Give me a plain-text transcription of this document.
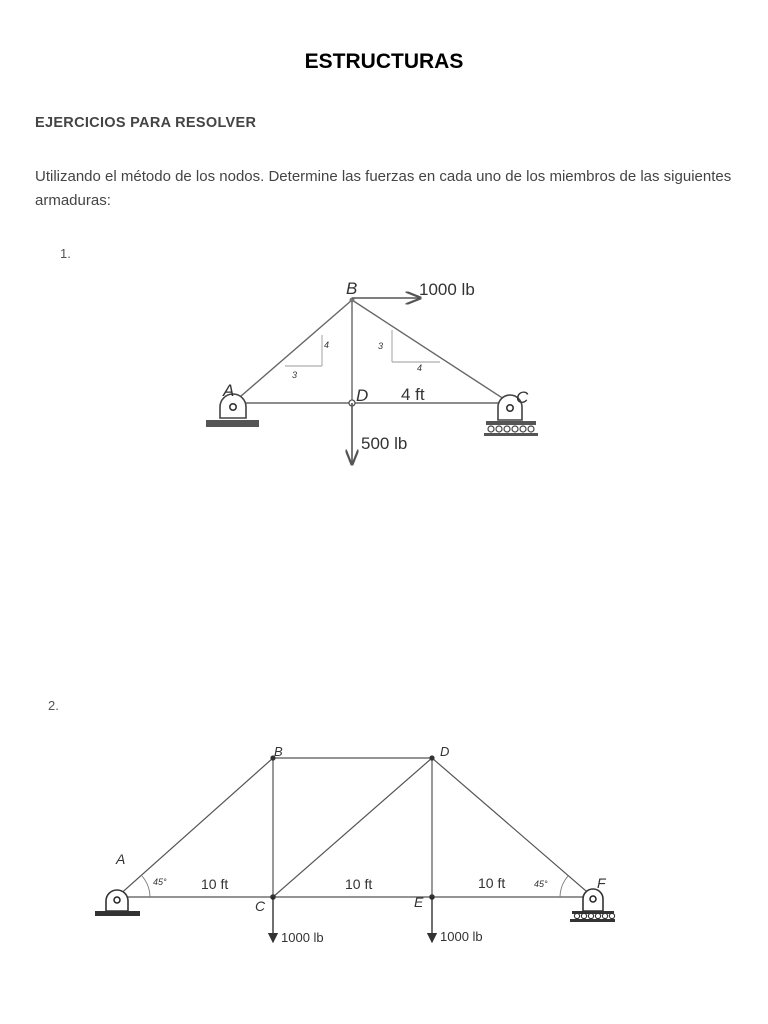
ESTRUCTURAS
EJERCICIOS PARA RESOLVER
Utilizando el método de los nodos. Determine las fuerzas en cada uno de los miembros de las siguientes armaduras:
1.
2.
4
3
3
4
A
B
C
D
1000 lb
500 lb
4 ft
A
B
C
D
E
F
45°	45°
10 ft	10 ft	10 ft
1000 lb	1000 lb
